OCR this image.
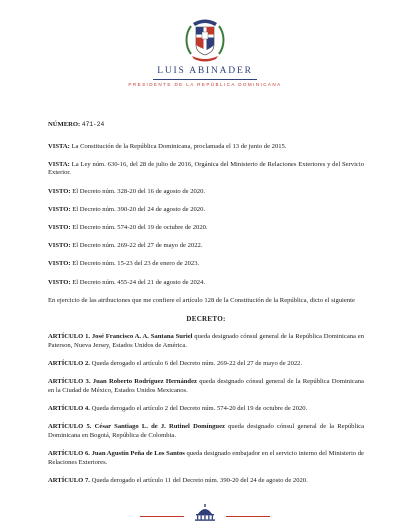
LUIS ABINADER
PRESIDENTE DE LA REPÚBLICA DOMINICANA

NÚMERO: 471-24

VISTA: La Constitución de la República Dominicana, proclamada el 13 de junio de 2015.

VISTA: La Ley núm. 630-16, del 28 de julio de 2016, Orgánica del Ministerio de Relaciones Exteriores y del Servicio Exterior.

VISTO: El Decreto núm. 328-20 del 16 de agosto de 2020.

VISTO: El Decreto núm. 390-20 del 24 de agosto de 2020.

VISTO: El Decreto núm. 574-20 del 19 de octubre de 2020.

VISTO: El Decreto núm. 269-22 del 27 de mayo de 2022.

VISTO: El Decreto núm. 15-23 del 23 de enero de 2023.

VISTO: El Decreto núm. 455-24 del 21 de agosto de 2024.

En ejercicio de las atribuciones que me confiere el artículo 128 de la Constitución de la República, dicto el siguiente

DECRETO:

ARTÍCULO 1. José Francisco A. A. Santana Suriel queda designado cónsul general de la República Dominicana en Paterson, Nueva Jersey, Estados Unidos de América.

ARTÍCULO 2. Queda derogado el artículo 6 del Decreto núm. 269-22 del 27 de mayo de 2022.

ARTÍCULO 3. Juan Roberto Rodríguez Hernández queda designado cónsul general de la República Dominicana en la Ciudad de México, Estados Unidos Mexicanos.

ARTÍCULO 4. Queda derogado el artículo 2 del Decreto núm. 574-20 del 19 de octubre de 2020.

ARTÍCULO 5. César Santiago L. de J. Rutinel Domínguez queda designado cónsul general de la República Dominicana en Bogotá, República de Colombia.

ARTÍCULO 6. Juan Agustín Peña de Los Santos queda designado embajador en el servicio interno del Ministerio de Relaciones Exteriores.

ARTÍCULO 7. Queda derogado el artículo 11 del Decreto núm. 390-20 del 24 de agosto de 2020.
